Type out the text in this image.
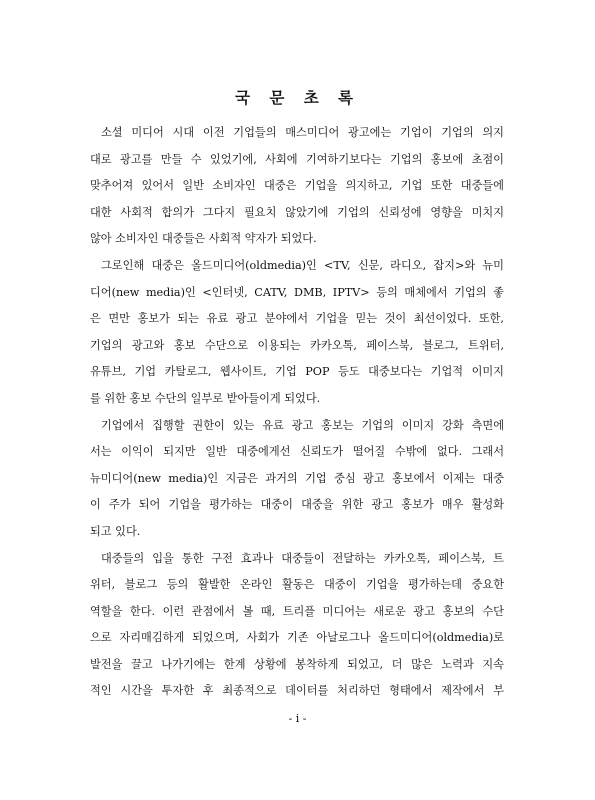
국 문 초 록
소셜 미디어 시대 이전 기업들의 매스미디어 광고에는 기업이 기업의 의지
대로 광고를 만들 수 있었기에, 사회에 기여하기보다는 기업의 홍보에 초점이
맞추어져 있어서 일반 소비자인 대중은 기업을 의지하고, 기업 또한 대중들에
대한 사회적 합의가 그다지 필요치 않았기에 기업의 신뢰성에 영향을 미치지
않아 소비자인 대중들은 사회적 약자가 되었다.
그로인해 대중은 올드미디어(oldmedia)인 <TV, 신문, 라디오, 잡지>와 뉴미
디어(new media)인 <인터넷, CATV, DMB, IPTV> 등의 매체에서 기업의 좋
은 면만 홍보가 되는 유료 광고 분야에서 기업을 믿는 것이 최선이었다. 또한,
기업의 광고와 홍보 수단으로 이용되는 카카오톡, 페이스북, 블로그, 트위터,
유튜브, 기업 카탈로그, 웹사이트, 기업 POP 등도 대중보다는 기업적 이미지
를 위한 홍보 수단의 일부로 받아들이게 되었다.
기업에서 집행할 권한이 있는 유료 광고 홍보는 기업의 이미지 강화 측면에
서는 이익이 되지만 일반 대중에게선 신뢰도가 떨어질 수밖에 없다. 그래서
뉴미디어(new media)인 지금은 과거의 기업 중심 광고 홍보에서 이제는 대중
이 주가 되어 기업을 평가하는 대중이 대중을 위한 광고 홍보가 매우 활성화
되고 있다.
대중들의 입을 통한 구전 효과나 대중들이 전달하는 카카오톡, 페이스북, 트
위터, 블로그 등의 활발한 온라인 활동은 대중이 기업을 평가하는데 중요한
역할을 한다. 이런 관점에서 볼 때, 트리플 미디어는 새로운 광고 홍보의 수단
으로 자리매김하게 되었으며, 사회가 기존 아날로그나 올드미디어(oldmedia)로
발전을 끌고 나가기에는 한계 상황에 봉착하게 되었고, 더 많은 노력과 지속
적인 시간을 투자한 후 최종적으로 데이터를 처리하던 형태에서 제작에서 부
- i -
